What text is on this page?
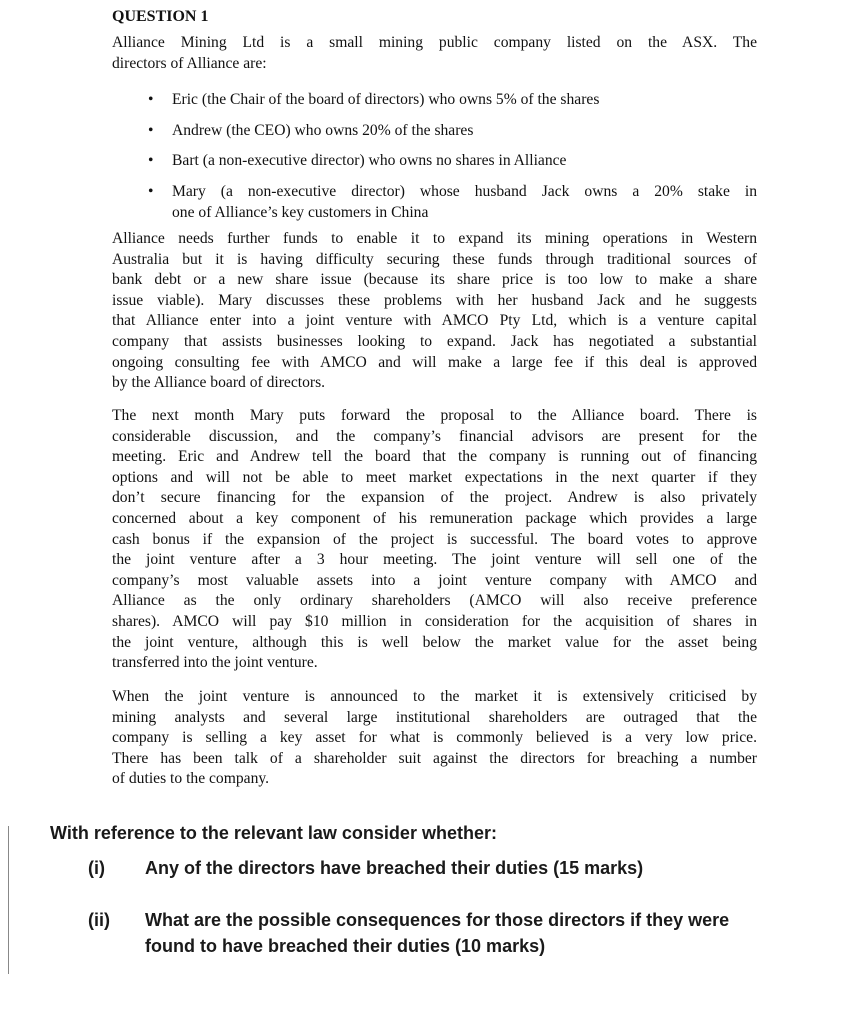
QUESTION 1
Alliance Mining Ltd is a small mining public company listed on the ASX. The
directors of Alliance are:
• Eric (the Chair of the board of directors) who owns 5% of the shares
• Andrew (the CEO) who owns 20% of the shares
• Bart (a non-executive director) who owns no shares in Alliance
• Mary (a non-executive director) whose husband Jack owns a 20% stake in
one of Alliance’s key customers in China
Alliance needs further funds to enable it to expand its mining operations in Western
Australia but it is having difficulty securing these funds through traditional sources of
bank debt or a new share issue (because its share price is too low to make a share
issue viable). Mary discusses these problems with her husband Jack and he suggests
that Alliance enter into a joint venture with AMCO Pty Ltd, which is a venture capital
company that assists businesses looking to expand. Jack has negotiated a substantial
ongoing consulting fee with AMCO and will make a large fee if this deal is approved
by the Alliance board of directors.
The next month Mary puts forward the proposal to the Alliance board. There is
considerable discussion, and the company’s financial advisors are present for the
meeting. Eric and Andrew tell the board that the company is running out of financing
options and will not be able to meet market expectations in the next quarter if they
don’t secure financing for the expansion of the project. Andrew is also privately
concerned about a key component of his remuneration package which provides a large
cash bonus if the expansion of the project is successful. The board votes to approve
the joint venture after a 3 hour meeting. The joint venture will sell one of the
company’s most valuable assets into a joint venture company with AMCO and
Alliance as the only ordinary shareholders (AMCO will also receive preference
shares). AMCO will pay $10 million in consideration for the acquisition of shares in
the joint venture, although this is well below the market value for the asset being
transferred into the joint venture.
When the joint venture is announced to the market it is extensively criticised by
mining analysts and several large institutional shareholders are outraged that the
company is selling a key asset for what is commonly believed is a very low price.
There has been talk of a shareholder suit against the directors for breaching a number
of duties to the company.
With reference to the relevant law consider whether:
(i) Any of the directors have breached their duties (15 marks)
(ii) What are the possible consequences for those directors if they were
found to have breached their duties (10 marks)
